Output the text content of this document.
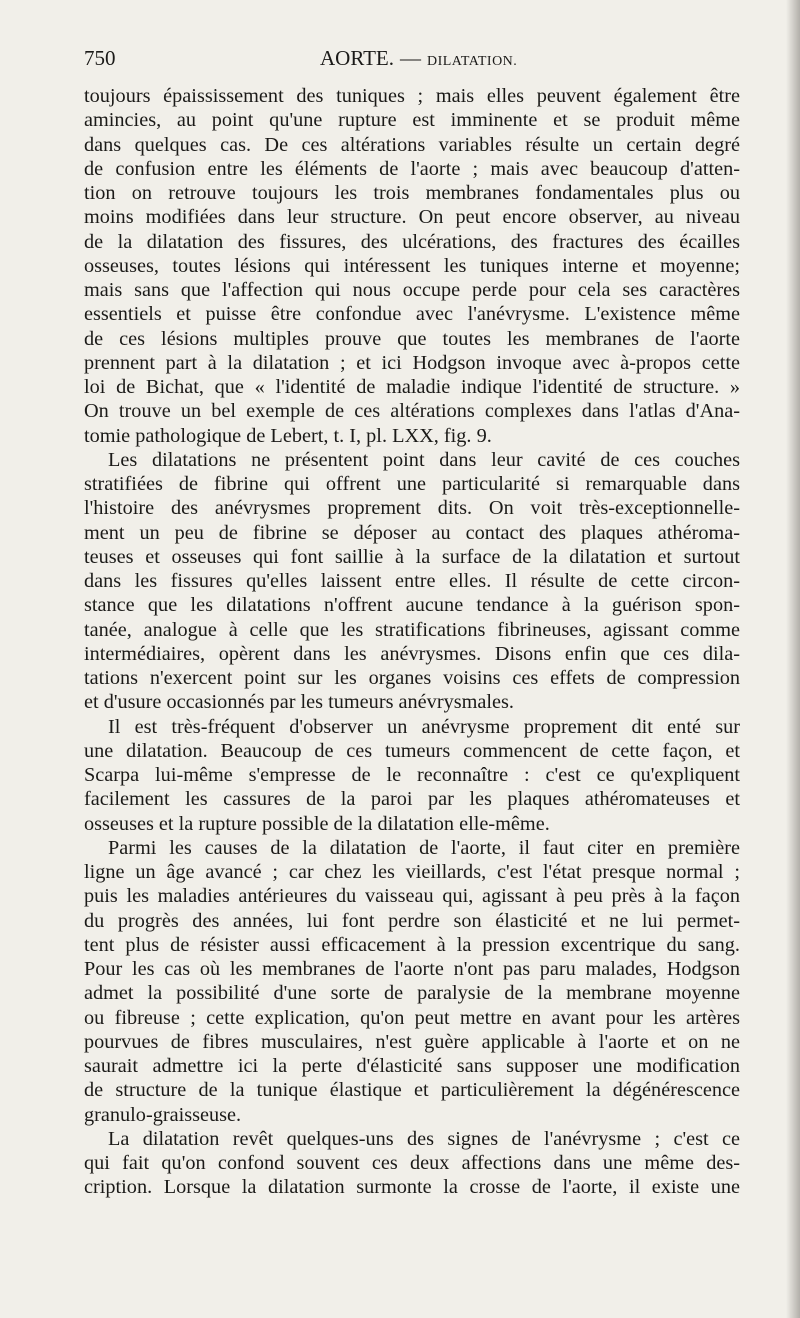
750	AORTE. — DILATATION.
toujours épaississement des tuniques ; mais elles peuvent également être
amincies, au point qu'une rupture est imminente et se produit même
dans quelques cas. De ces altérations variables résulte un certain degré
de confusion entre les éléments de l'aorte ; mais avec beaucoup d'atten-
tion on retrouve toujours les trois membranes fondamentales plus ou
moins modifiées dans leur structure. On peut encore observer, au niveau
de la dilatation des fissures, des ulcérations, des fractures des écailles
osseuses, toutes lésions qui intéressent les tuniques interne et moyenne;
mais sans que l'affection qui nous occupe perde pour cela ses caractères
essentiels et puisse être confondue avec l'anévrysme. L'existence même
de ces lésions multiples prouve que toutes les membranes de l'aorte
prennent part à la dilatation ; et ici Hodgson invoque avec à-propos cette
loi de Bichat, que « l'identité de maladie indique l'identité de structure. »
On trouve un bel exemple de ces altérations complexes dans l'atlas d'Ana-
tomie pathologique de Lebert, t. I, pl. LXX, fig. 9.
Les dilatations ne présentent point dans leur cavité de ces couches
stratifiées de fibrine qui offrent une particularité si remarquable dans
l'histoire des anévrysmes proprement dits. On voit très-exceptionnelle-
ment un peu de fibrine se déposer au contact des plaques athéroma-
teuses et osseuses qui font saillie à la surface de la dilatation et surtout
dans les fissures qu'elles laissent entre elles. Il résulte de cette circon-
stance que les dilatations n'offrent aucune tendance à la guérison spon-
tanée, analogue à celle que les stratifications fibrineuses, agissant comme
intermédiaires, opèrent dans les anévrysmes. Disons enfin que ces dila-
tations n'exercent point sur les organes voisins ces effets de compression
et d'usure occasionnés par les tumeurs anévrysmales.
Il est très-fréquent d'observer un anévrysme proprement dit enté sur
une dilatation. Beaucoup de ces tumeurs commencent de cette façon, et
Scarpa lui-même s'empresse de le reconnaître : c'est ce qu'expliquent
facilement les cassures de la paroi par les plaques athéromateuses et
osseuses et la rupture possible de la dilatation elle-même.
Parmi les causes de la dilatation de l'aorte, il faut citer en première
ligne un âge avancé ; car chez les vieillards, c'est l'état presque normal ;
puis les maladies antérieures du vaisseau qui, agissant à peu près à la façon
du progrès des années, lui font perdre son élasticité et ne lui permet-
tent plus de résister aussi efficacement à la pression excentrique du sang.
Pour les cas où les membranes de l'aorte n'ont pas paru malades, Hodgson
admet la possibilité d'une sorte de paralysie de la membrane moyenne
ou fibreuse ; cette explication, qu'on peut mettre en avant pour les artères
pourvues de fibres musculaires, n'est guère applicable à l'aorte et on ne
saurait admettre ici la perte d'élasticité sans supposer une modification
de structure de la tunique élastique et particulièrement la dégénérescence
granulo-graisseuse.
La dilatation revêt quelques-uns des signes de l'anévrysme ; c'est ce
qui fait qu'on confond souvent ces deux affections dans une même des-
cription. Lorsque la dilatation surmonte la crosse de l'aorte, il existe une
